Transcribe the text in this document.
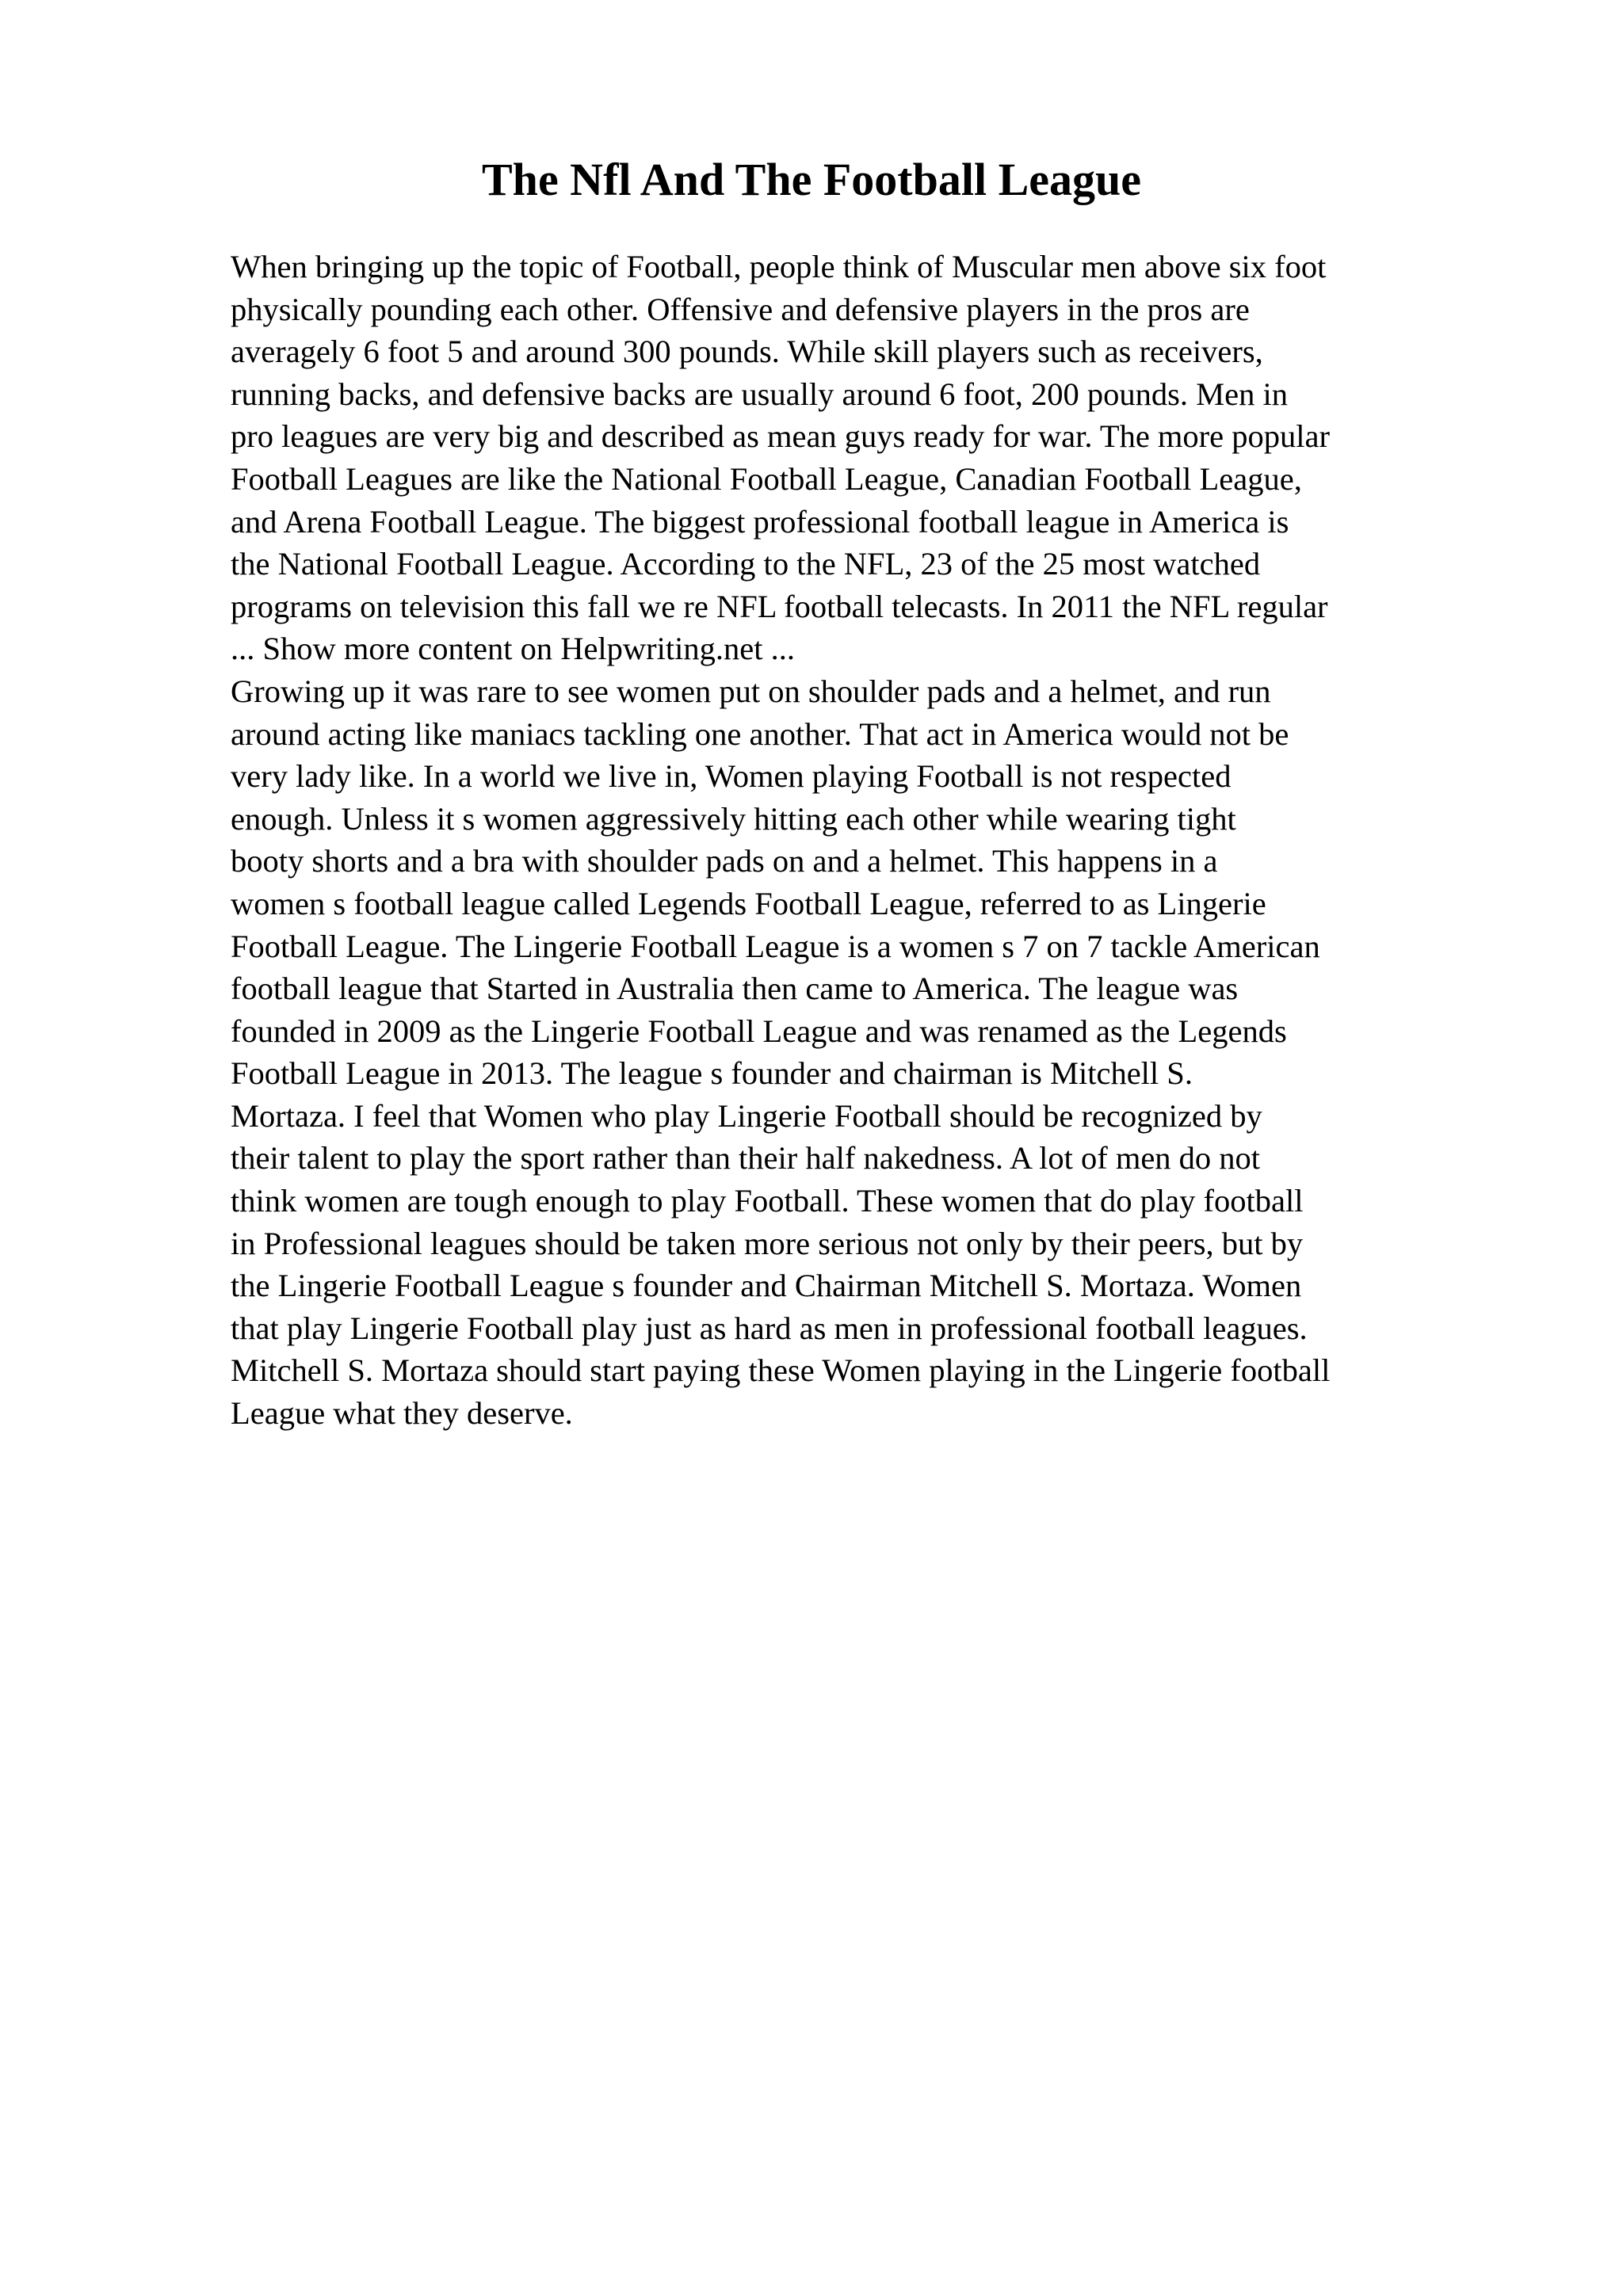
The Nfl And The Football League
When bringing up the topic of Football, people think of Muscular men above six foot
physically pounding each other. Offensive and defensive players in the pros are
averagely 6 foot 5 and around 300 pounds. While skill players such as receivers,
running backs, and defensive backs are usually around 6 foot, 200 pounds. Men in
pro leagues are very big and described as mean guys ready for war. The more popular
Football Leagues are like the National Football League, Canadian Football League,
and Arena Football League. The biggest professional football league in America is
the National Football League. According to the NFL, 23 of the 25 most watched
programs on television this fall we re NFL football telecasts. In 2011 the NFL regular
... Show more content on Helpwriting.net ...
Growing up it was rare to see women put on shoulder pads and a helmet, and run
around acting like maniacs tackling one another. That act in America would not be
very lady like. In a world we live in, Women playing Football is not respected
enough. Unless it s women aggressively hitting each other while wearing tight
booty shorts and a bra with shoulder pads on and a helmet. This happens in a
women s football league called Legends Football League, referred to as Lingerie
Football League. The Lingerie Football League is a women s 7 on 7 tackle American
football league that Started in Australia then came to America. The league was
founded in 2009 as the Lingerie Football League and was renamed as the Legends
Football League in 2013. The league s founder and chairman is Mitchell S.
Mortaza. I feel that Women who play Lingerie Football should be recognized by
their talent to play the sport rather than their half nakedness. A lot of men do not
think women are tough enough to play Football. These women that do play football
in Professional leagues should be taken more serious not only by their peers, but by
the Lingerie Football League s founder and Chairman Mitchell S. Mortaza. Women
that play Lingerie Football play just as hard as men in professional football leagues.
Mitchell S. Mortaza should start paying these Women playing in the Lingerie football
League what they deserve.
